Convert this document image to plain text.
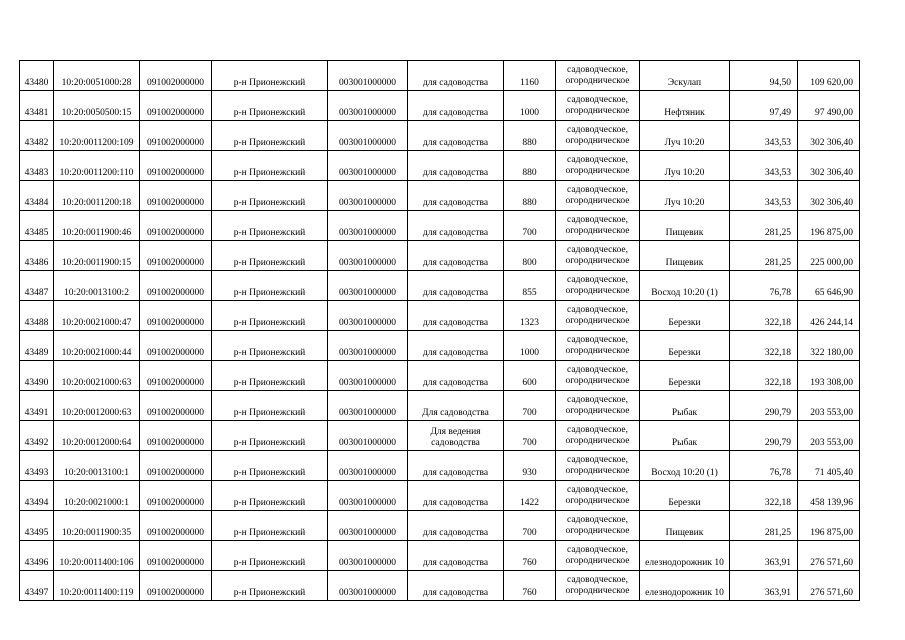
43480	10:20:0051000:28	091002000000	р-н Прионежский	003001000000	для садоводства	1160	садоводческое,
огородническое	Эскулап	94,50	109 620,00

43481	10:20:0050500:15	091002000000	р-н Прионежский	003001000000	для садоводства	1000	садоводческое,
огородническое	Нефтяник	97,49	97 490,00

43482	10:20:0011200:109	091002000000	р-н Прионежский	003001000000	для садоводства	880	садоводческое,
огородническое	Луч 10:20	343,53	302 306,40

43483	10:20:0011200:110	091002000000	р-н Прионежский	003001000000	для садоводства	880	садоводческое,
огородническое	Луч 10:20	343,53	302 306,40

43484	10:20:0011200:18	091002000000	р-н Прионежский	003001000000	для садоводства	880	садоводческое,
огородническое	Луч 10:20	343,53	302 306,40

43485	10:20:0011900:46	091002000000	р-н Прионежский	003001000000	для садоводства	700	садоводческое,
огородническое	Пищевик	281,25	196 875,00

43486	10:20:0011900:15	091002000000	р-н Прионежский	003001000000	для садоводства	800	садоводческое,
огородническое	Пищевик	281,25	225 000,00

43487	10:20:0013100:2	091002000000	р-н Прионежский	003001000000	для садоводства	855	садоводческое,
огородническое	Восход 10:20 (1)	76,78	65 646,90

43488	10:20:0021000:47	091002000000	р-н Прионежский	003001000000	для садоводства	1323	садоводческое,
огородническое	Березки	322,18	426 244,14

43489	10:20:0021000:44	091002000000	р-н Прионежский	003001000000	для садоводства	1000	садоводческое,
огородническое	Березки	322,18	322 180,00

43490	10:20:0021000:63	091002000000	р-н Прионежский	003001000000	для садоводства	600	садоводческое,
огородническое	Березки	322,18	193 308,00

43491	10:20:0012000:63	091002000000	р-н Прионежский	003001000000	Для садоводства	700	садоводческое,
огородническое	Рыбак	290,79	203 553,00

43492	10:20:0012000:64	091002000000	р-н Прионежский	003001000000	Для ведения
садоводства	700	садоводческое,
огородническое	Рыбак	290,79	203 553,00

43493	10:20:0013100:1	091002000000	р-н Прионежский	003001000000	для садоводства	930	садоводческое,
огородническое	Восход 10:20 (1)	76,78	71 405,40

43494	10:20:0021000:1	091002000000	р-н Прионежский	003001000000	для садоводства	1422	садоводческое,
огородническое	Березки	322,18	458 139,96

43495	10:20:0011900:35	091002000000	р-н Прионежский	003001000000	для садоводства	700	садоводческое,
огородническое	Пищевик	281,25	196 875,00

43496	10:20:0011400:106	091002000000	р-н Прионежский	003001000000	для садоводства	760	садоводческое,
огородническое	елезнодорожник 10	363,91	276 571,60

43497	10:20:0011400:119	091002000000	р-н Прионежский	003001000000	для садоводства	760	садоводческое,
огородническое	елезнодорожник 10	363,91	276 571,60
